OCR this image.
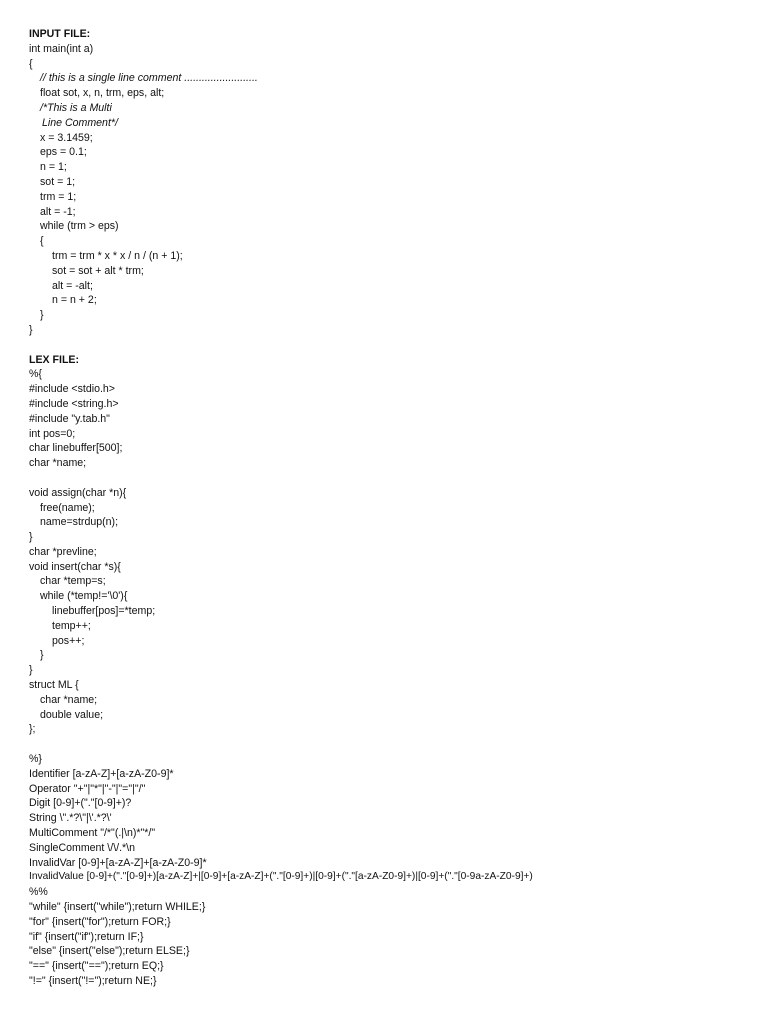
INPUT FILE:
int main(int a)
{
// this is a single line comment .........................
float sot, x, n, trm, eps, alt;
/*This is a Multi
Line Comment*/
x = 3.1459;
eps = 0.1;
n = 1;
sot = 1;
trm = 1;
alt = -1;
while (trm > eps)
{
trm = trm * x * x / n / (n + 1);
sot = sot + alt * trm;
alt = -alt;
n = n + 2;
}
}
LEX FILE:
%{
#include <stdio.h>
#include <string.h>
#include "y.tab.h"
int pos=0;
char linebuffer[500];
char *name;
void assign(char *n){
free(name);
name=strdup(n);
}
char *prevline;
void insert(char *s){
char *temp=s;
while (*temp!='\0'){
linebuffer[pos]=*temp;
temp++;
pos++;
}
}
struct ML {
char *name;
double value;
};
%}
Identifier [a-zA-Z]+[a-zA-Z0-9]*
Operator "+"|"*"|"-"|"="|"/"
Digit [0-9]+("."[0-9]+)?
String \".*?\"|\'.*?\'
MultiComment "/*"(.|\n)*"*/"
SingleComment \/\/.*\n
InvalidVar [0-9]+[a-zA-Z]+[a-zA-Z0-9]*
InvalidValue [0-9]+("."[0-9]+)[a-zA-Z]+|[0-9]+[a-zA-Z]+("."[0-9]+)|[0-9]+("."[a-zA-Z0-9]+)|[0-9]+("."[0-9a-zA-Z0-9]+)
%%
"while" {insert("while");return WHILE;}
"for" {insert("for");return FOR;}
"if" {insert("if");return IF;}
"else" {insert("else");return ELSE;}
"==" {insert("==");return EQ;}
"!=" {insert("!=");return NE;}
